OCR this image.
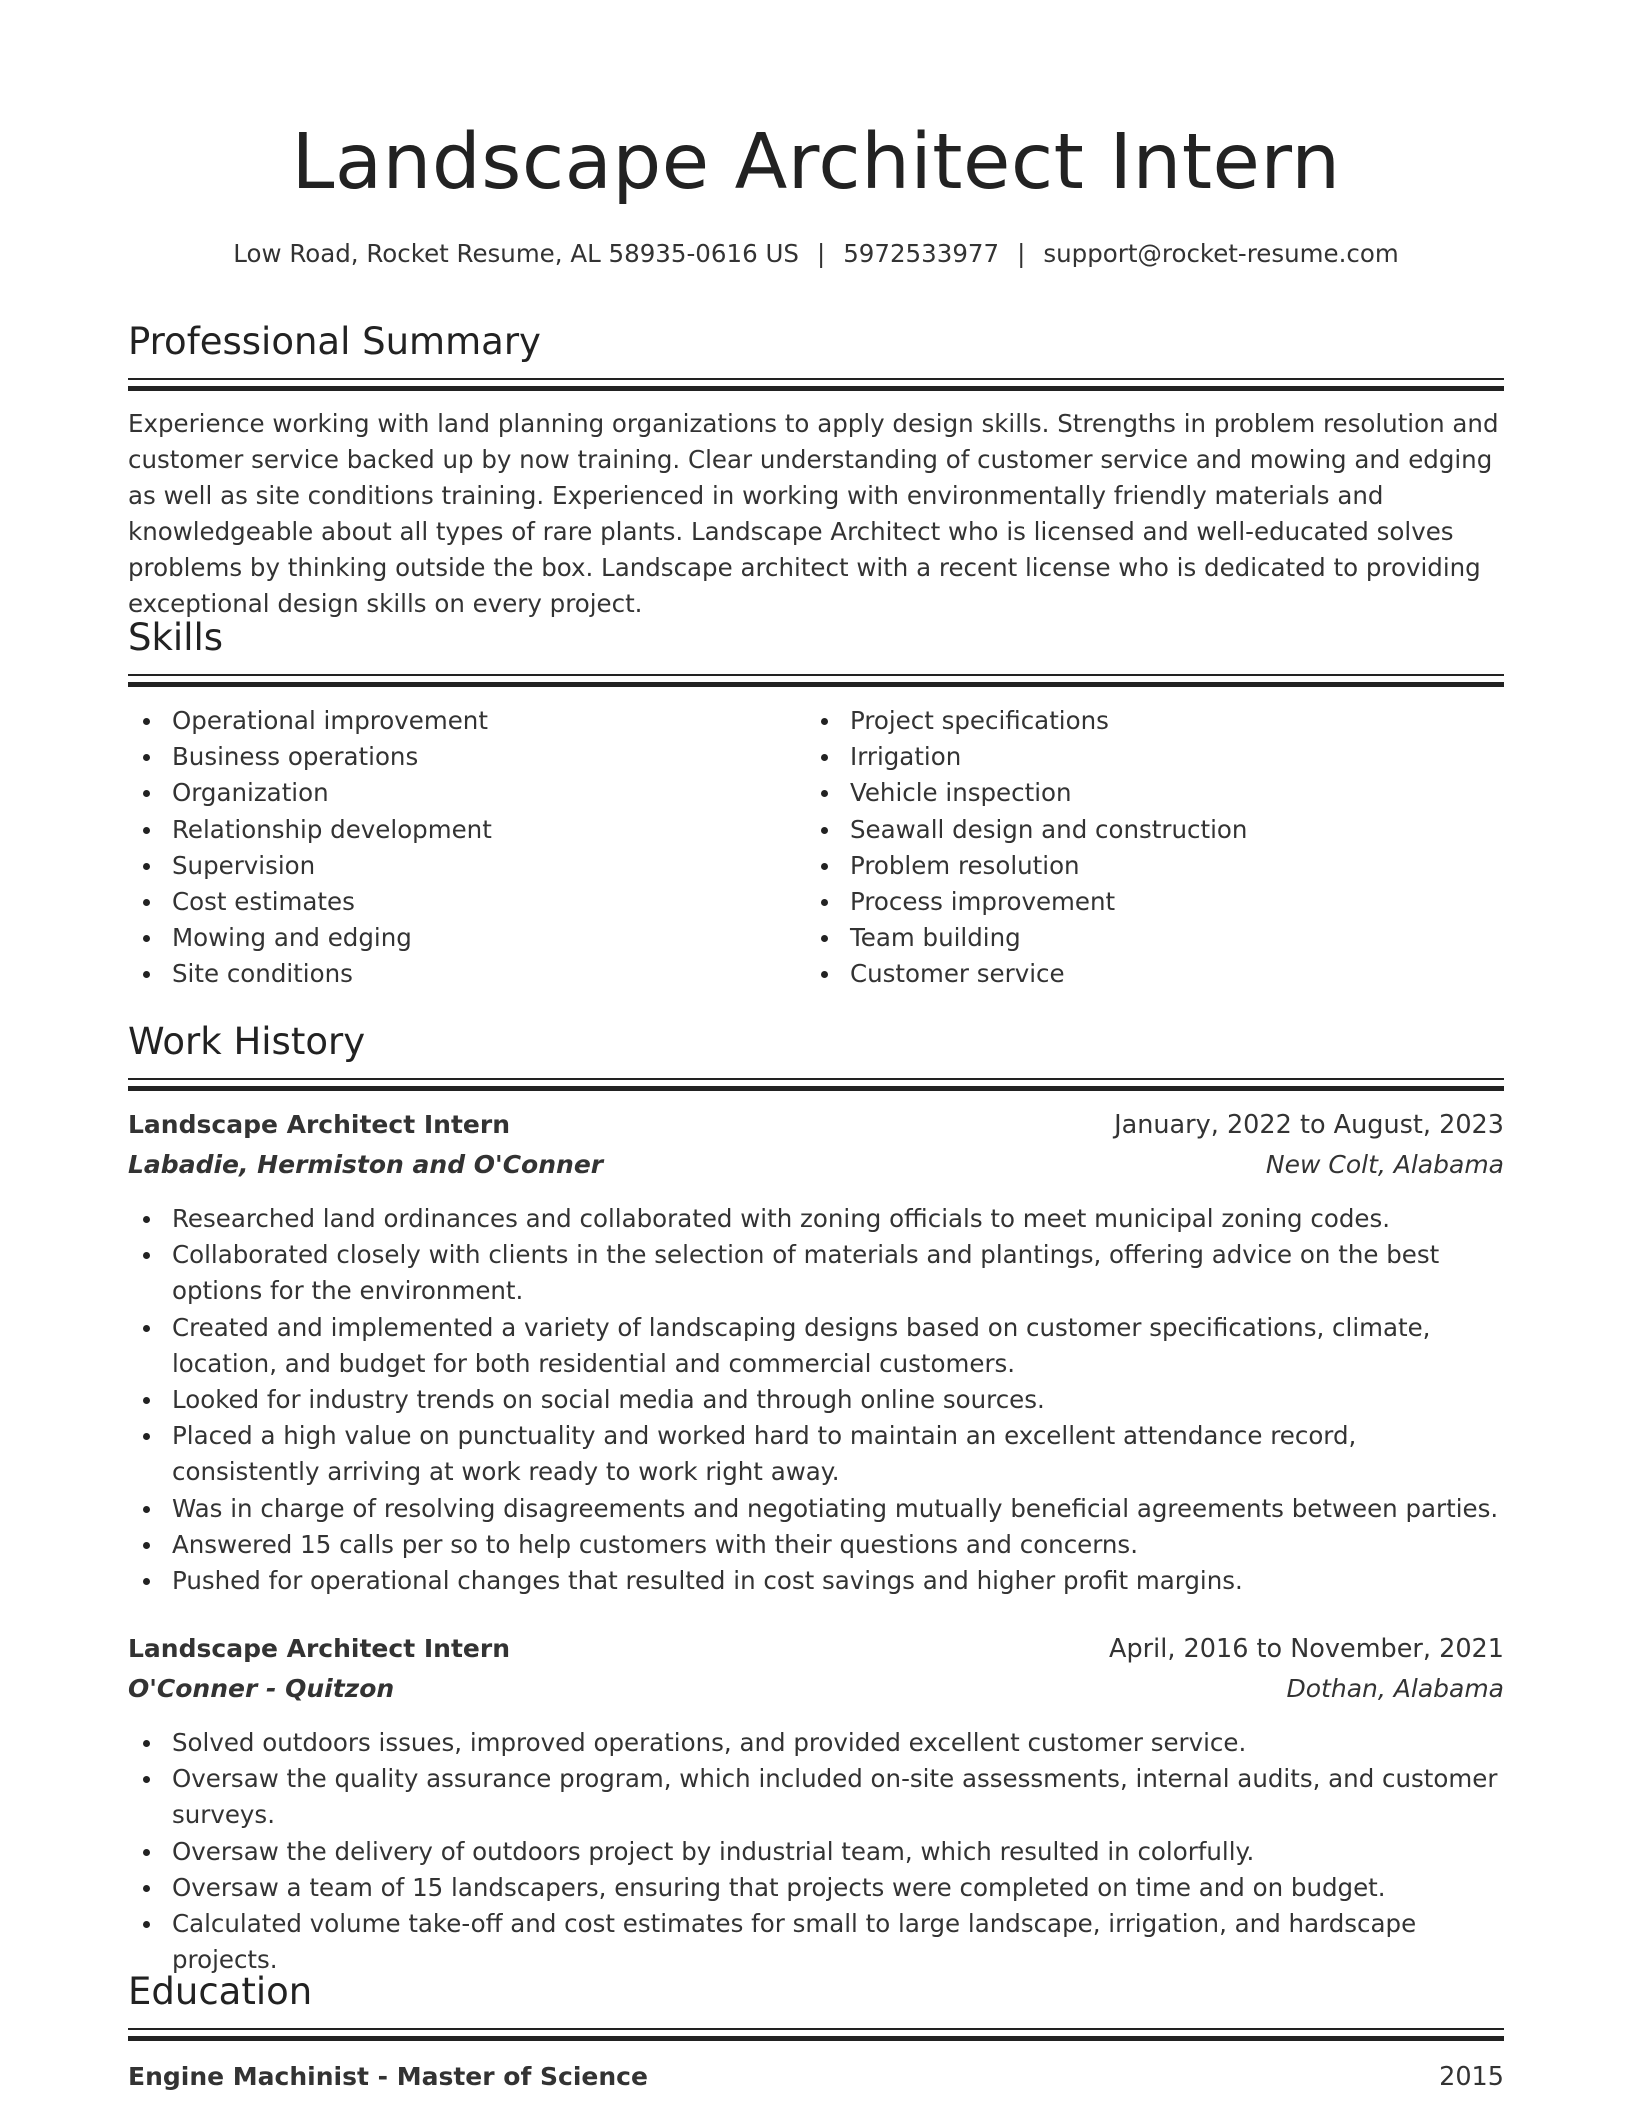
Landscape Architect Intern
Low Road, Rocket Resume, AL 58935-0616 US | 5972533977 | support@rocket-resume.com
Professional Summary

Experience working with land planning organizations to apply design skills. Strengths in problem resolution and customer service backed up by now training. Clear understanding of customer service and mowing and edging as well as site conditions training. Experienced in working with environmentally friendly materials and knowledgeable about all types of rare plants. Landscape Architect who is licensed and well-educated solves problems by thinking outside the box. Landscape architect with a recent license who is dedicated to providing exceptional design skills on every project.

Skills
Operational improvement
Business operations
Organization
Relationship development
Supervision
Cost estimates
Mowing and edging
Site conditions
Project specifications
Irrigation
Vehicle inspection
Seawall design and construction
Problem resolution
Process improvement
Team building
Customer service
Work History
Landscape Architect Intern	January, 2022 to August, 2023
Labadie, Hermiston and O'Conner	New Colt, Alabama
Researched land ordinances and collaborated with zoning officials to meet municipal zoning codes.
Collaborated closely with clients in the selection of materials and plantings, offering advice on the best options for the environment.
Created and implemented a variety of landscaping designs based on customer specifications, climate, location, and budget for both residential and commercial customers.
Looked for industry trends on social media and through online sources.
Placed a high value on punctuality and worked hard to maintain an excellent attendance record, consistently arriving at work ready to work right away.
Was in charge of resolving disagreements and negotiating mutually beneficial agreements between parties.
Answered 15 calls per so to help customers with their questions and concerns.
Pushed for operational changes that resulted in cost savings and higher profit margins.
Landscape Architect Intern	April, 2016 to November, 2021
O'Conner - Quitzon	Dothan, Alabama
Solved outdoors issues, improved operations, and provided excellent customer service.
Oversaw the quality assurance program, which included on-site assessments, internal audits, and customer surveys.
Oversaw the delivery of outdoors project by industrial team, which resulted in colorfully.
Oversaw a team of 15 landscapers, ensuring that projects were completed on time and on budget.
Calculated volume take-off and cost estimates for small to large landscape, irrigation, and hardscape projects.
Education
Engine Machinist - Master of Science	2015
